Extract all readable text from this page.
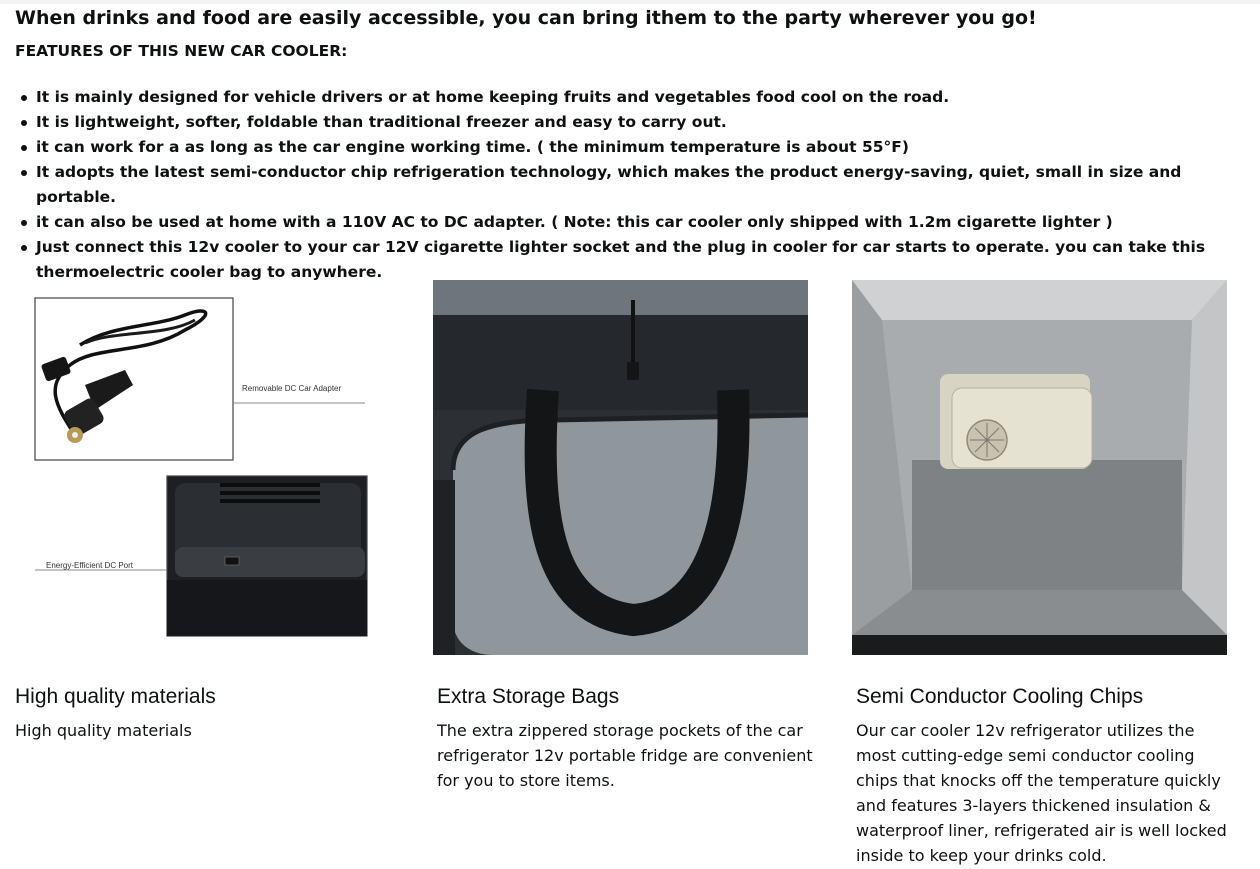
When drinks and food are easily accessible, you can bring ithem to the party wherever you go!
FEATURES OF THIS NEW CAR COOLER:
It is mainly designed for vehicle drivers or at home keeping fruits and vegetables food cool on the road.
It is lightweight, softer, foldable than traditional freezer and easy to carry out.
it can work for a as long as the car engine working time. ( the minimum temperature is about 55°F)
It adopts the latest semi-conductor chip refrigeration technology, which makes the product energy-saving, quiet, small in size and portable.
it can also be used at home with a 110V AC to DC adapter. ( Note: this car cooler only shipped with 1.2m cigarette lighter )
Just connect this 12v cooler to your car 12V cigarette lighter socket and the plug in cooler for car starts to operate. you can take this thermoelectric cooler bag to anywhere.
Removable DC Car Adapter
Energy-Efficient DC Port
High quality materials
High quality materials
Extra Storage Bags
The extra zippered storage pockets of the car refrigerator 12v portable fridge are convenient for you to store items.
Semi Conductor Cooling Chips
Our car cooler 12v refrigerator utilizes the most cutting-edge semi conductor cooling chips that knocks off the temperature quickly and features 3-layers thickened insulation & waterproof liner, refrigerated air is well locked inside to keep your drinks cold.
